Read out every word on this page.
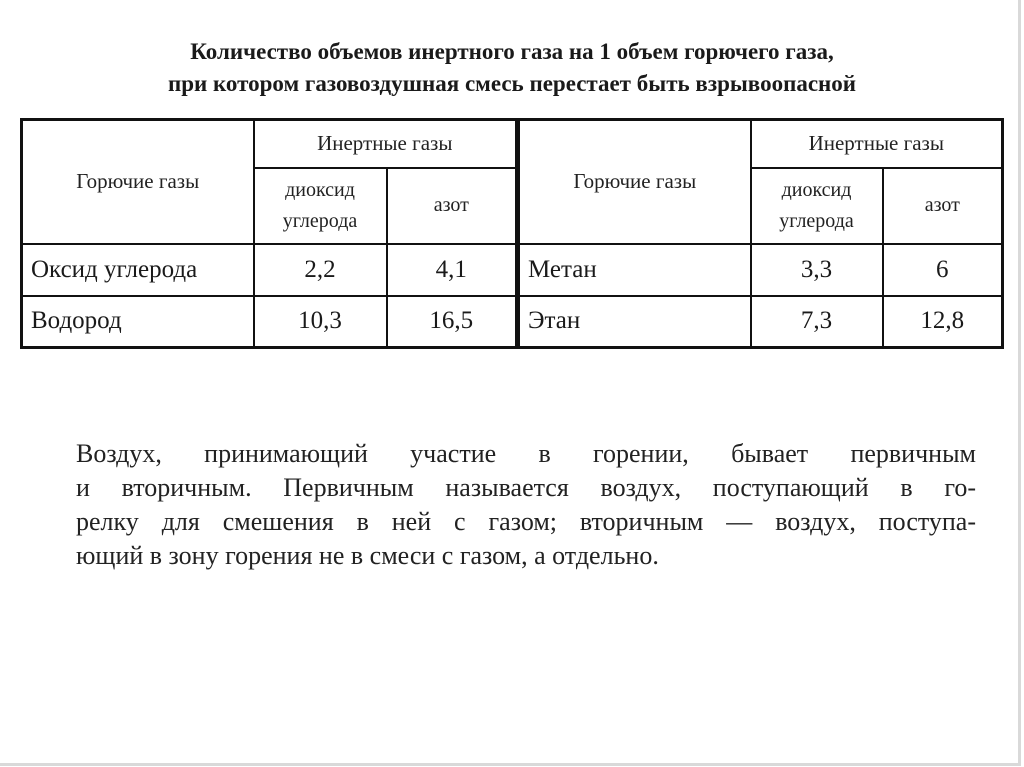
Количество объемов инертного газа на 1 объем горючего газа,
при котором газовоздушная смесь перестает быть взрывоопасной
Горючие газы	Инертные газы		Горючие газы	Инертные газы	
	диоксид углерода	азот		диоксид углерода	азот
Оксид углерода	2,2	4,1	Метан	3,3	6
Водород	10,3	16,5	Этан	7,3	12,8
Воздух, принимающий участие в горении, бывает первичным
и вторичным. Первичным называется воздух, поступающий в го-
релку для смешения в ней с газом; вторичным — воздух, поступа-
ющий в зону горения не в смеси с газом, а отдельно.
